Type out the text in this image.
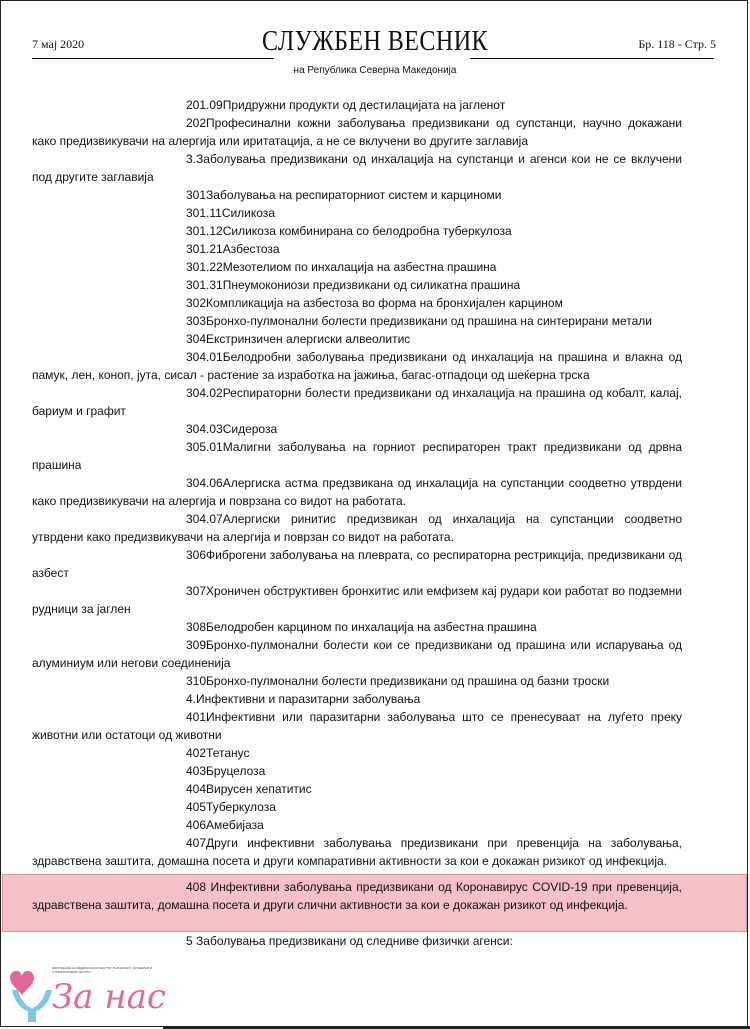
7 мај 2020	СЛУЖБЕН ВЕСНИК
на Република Северна Македонија
Бр. 118 - Стр. 5

201.09Придружни продукти од дестилацијата на јагленот

202Професинални кожни заболувања предизвикани од супстанци, научно докажани како предизвикувачи на алергија или иритатација, а не се вклучени во другите заглавија

3.Заболувања предизвикани од инхалација на супстанци и агенси кои не се вклучени под другите заглавија

301Заболувања на респираторниот систем и карциноми

301.11Силикоза

301.12Силикоза комбинирана со белодробна туберкулоза

301.21Азбестоза

301.22Мезотелиом по инхалација на азбестна прашина

301.31Пнеумокониози предизвикани од силикатна прашина

302Компликација на азбестоза во форма на бронхијален карцином

303Бронхо-пулмонални болести предизвикани од прашина на синтерирани метали

304Екстринзичен алергиски алвеолитис

304.01Белодробни заболувања предизвикани од инхалација на прашина и влакна од памук, лен, коноп, јута, сисал - растение за изработка на јажиња, багас-отпадоци од шеќерна трска

304.02Респираторни болести предизвикани од инхалација на прашина од кобалт, калај, бариум и графит

304.03Сидероза

305.01Малигни заболувања на горниот респираторен тракт предизвикани од дрвна прашина

304.06Алергиска астма предзвикана од инхалација на супстанции соодветно утврдени како предизвикувачи на алергија и поврзана со видот на работата.

304.07Алергиски ринитис предизвикан од инхалација на супстанции соодветно утврдени како предизвикувачи на алергија и поврзан со видот на работата.

306Фиброгени заболувања на плеврата, со респираторна рестрикција, предизвикани од азбест

307Хроничен обструктивен бронхитис или емфизем кај рудари кои работат во подземни рудници за јаглен

308Белодробен карцином по инхалација на азбестна прашина

309Бронхо-пулмонални болести кои се предизвикани од прашина или испарувања од алуминиум или негови соединенија

310Бронхо-пулмонални болести предизвикани од прашина од базни троски

4.Инфективни и паразитарни заболувања

401Инфективни или паразитарни заболувања што се пренесуваат на луѓето преку животни или остатоци од животни

402Тетанус

403Бруцелоза

404Вирусен хепатитис

405Туберкулоза

406Амебијаза

407Други инфективни заболувања предизвикани при превенција на заболувања, здравствена заштита, домашна посета и други компаративни активности за кои е докажан ризикот од инфекција.

408 Инфективни заболувања предизвикани од Коронавирус COVID-19 при превенција, здравствена заштита, домашна посета и други слични активности за кои е докажан ризикот од инфекција.

5 Заболувања предизвикани од следниве физички агенси:

ЗДРУЖЕНИЕ НА МЕДИЦИНСКИ СЕСТРИ, ТЕХНИЧАРИ, АКУШЕРКИ И СТОМАТОЛОШКИ СЕСТРИ
За нас
